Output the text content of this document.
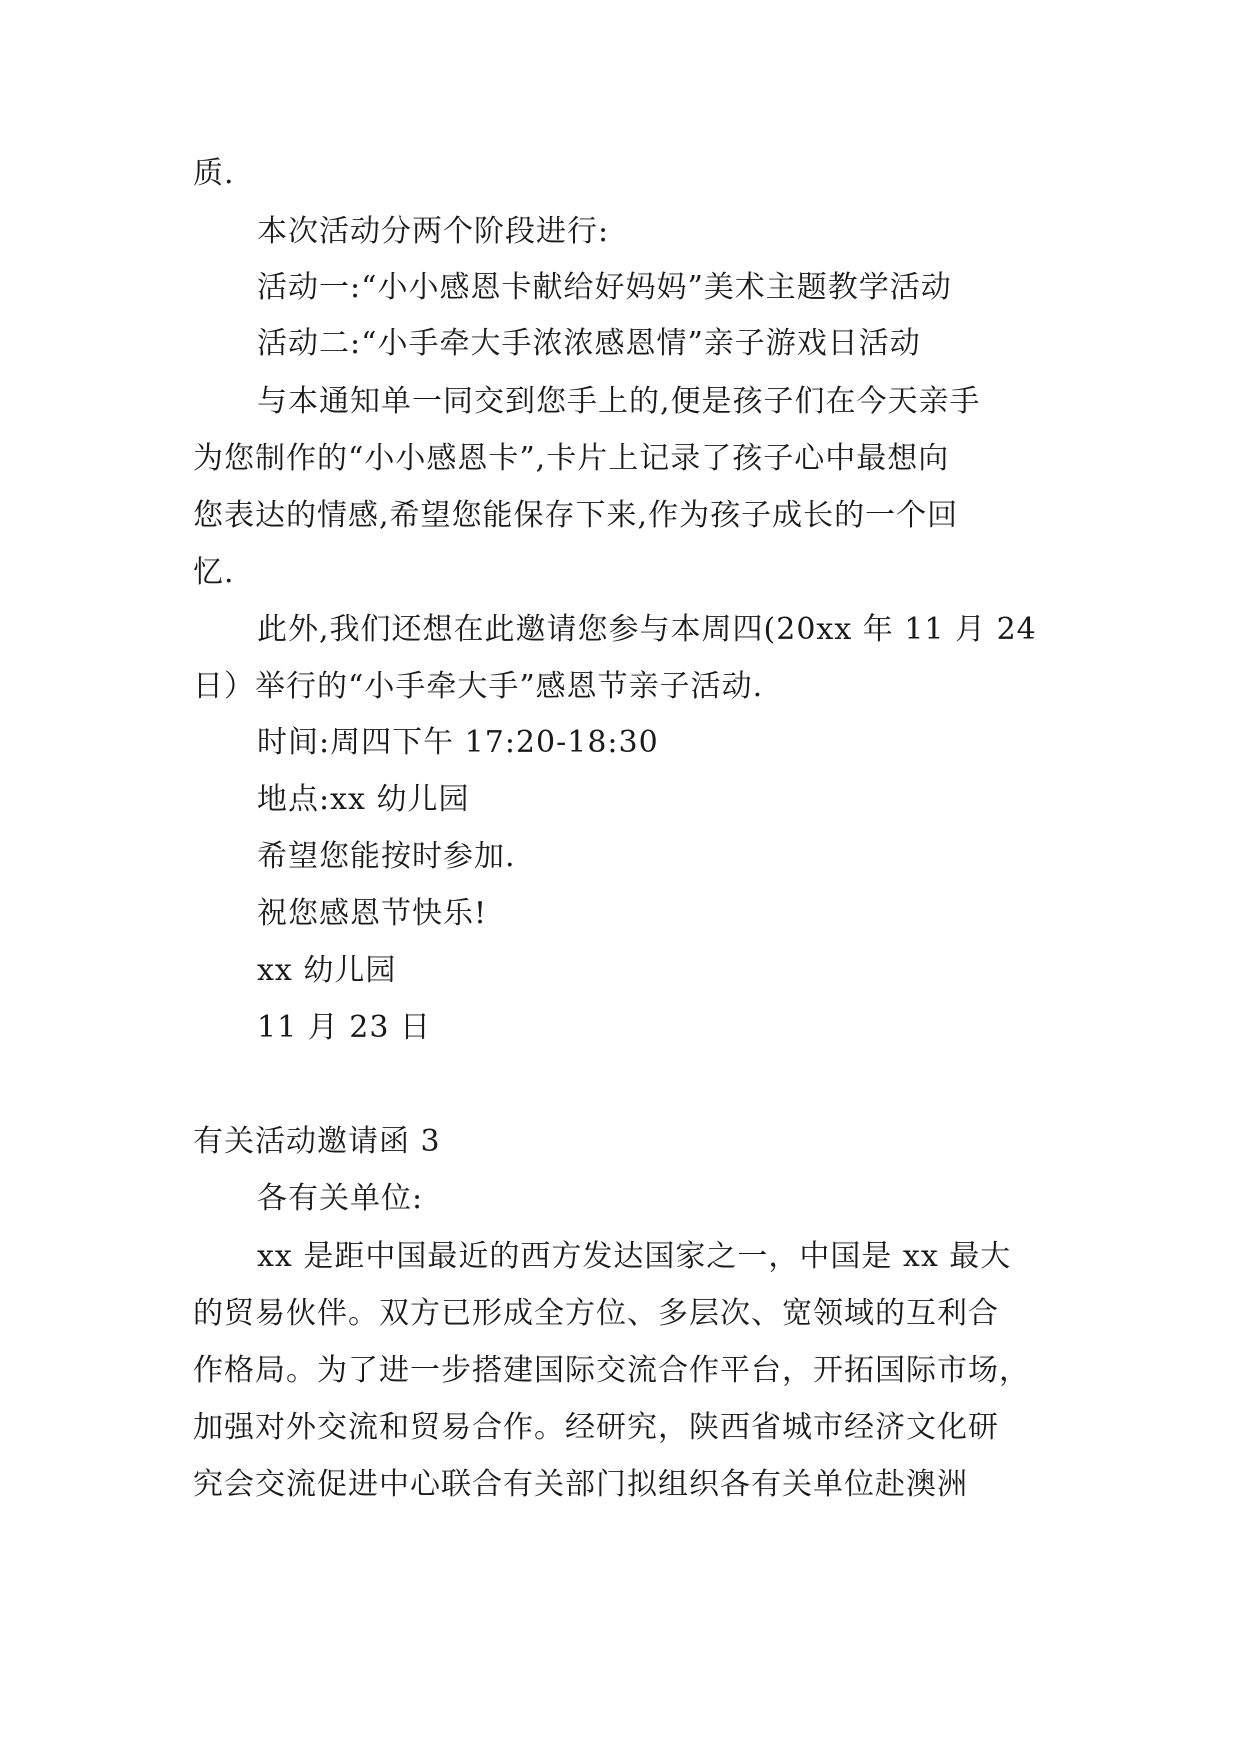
质.
本次活动分两个阶段进行:
活动一:“小小感恩卡献给好妈妈”美术主题教学活动
活动二:“小手牵大手浓浓感恩情”亲子游戏日活动
与本通知单一同交到您手上的,便是孩子们在今天亲手
为您制作的“小小感恩卡”,卡片上记录了孩子心中最想向
您表达的情感,希望您能保存下来,作为孩子成长的一个回
忆.
此外,我们还想在此邀请您参与本周四(20xx 年 11 月 24
日）举行的“小手牵大手”感恩节亲子活动.
时间:周四下午 17:20-18:30
地点:xx 幼儿园
希望您能按时参加.
祝您感恩节快乐!
xx 幼儿园
11 月 23 日
有关活动邀请函 3
各有关单位:
xx 是距中国最近的西方发达国家之一，中国是 xx 最大
的贸易伙伴。双方已形成全方位、多层次、宽领域的互利合
作格局。为了进一步搭建国际交流合作平台，开拓国际市场，
加强对外交流和贸易合作。经研究，陕西省城市经济文化研
究会交流促进中心联合有关部门拟组织各有关单位赴澳洲
